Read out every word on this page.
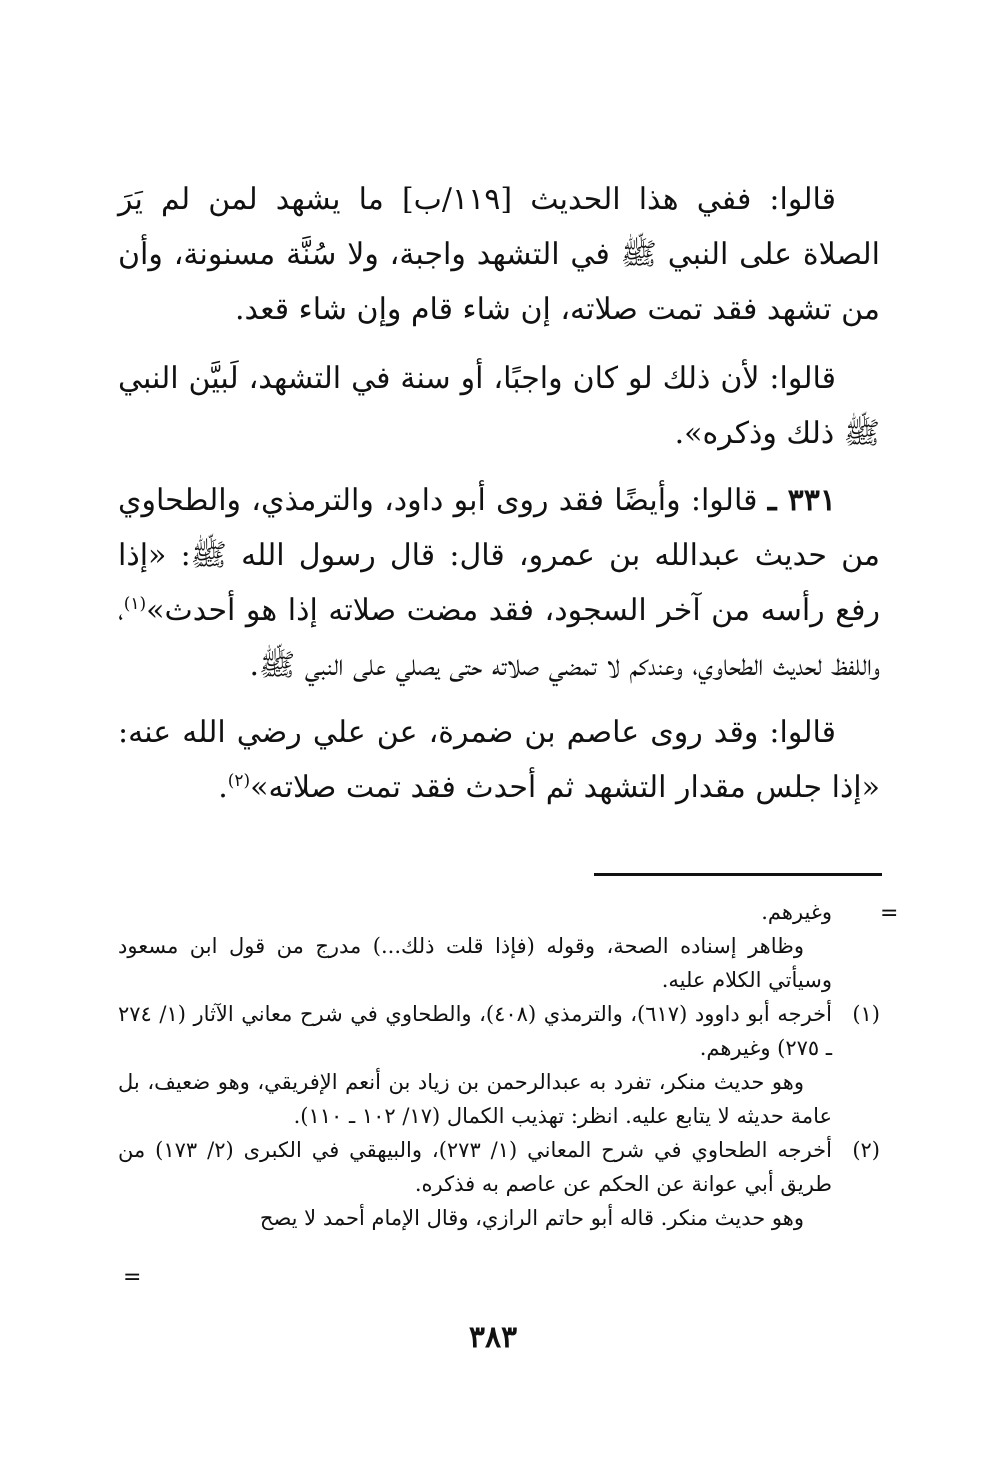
قالوا: ففي هذا الحديث [١١٩/ب] ما يشهد لمن لم يَرَ الصلاة على النبي ﷺ في التشهد واجبة، ولا سُنَّة مسنونة، وأن من تشهد فقد تمت صلاته، إن شاء قام وإن شاء قعد.

قالوا: لأن ذلك لو كان واجبًا، أو سنة في التشهد، لَبيَّن النبي ﷺ ذلك وذكره».

٣٣١ ـ قالوا: وأيضًا فقد روى أبو داود، والترمذي، والطحاوي من حديث عبدالله بن عمرو، قال: قال رسول الله ﷺ: «إذا رفع رأسه من آخر السجود، فقد مضت صلاته إذا هو أحدث»$^{(١)}$، واللفظ لحديث الطحاوي، وعندكم لا تمضي صلاته حتى يصلي على النبي ﷺ.

قالوا: وقد روى عاصم بن ضمرة، عن علي رضي الله عنه: «إذا جلس مقدار التشهد ثم أحدث فقد تمت صلاته»$^{(٢)}$.

=

وغيرهم.

وظاهر إسناده الصحة، وقوله (فإذا قلت ذلك...) مدرج من قول ابن مسعود وسيأتي الكلام عليه.

(١)

أخرجه أبو داوود (٦١٧)، والترمذي (٤٠٨)، والطحاوي في شرح معاني الآثار (١/ ٢٧٤ ـ ٢٧٥) وغيرهم.

وهو حديث منكر، تفرد به عبدالرحمن بن زياد بن أنعم الإفريقي، وهو ضعيف، بل عامة حديثه لا يتابع عليه. انظر: تهذيب الكمال (١٧/ ١٠٢ ـ ١١٠).

(٢)

أخرجه الطحاوي في شرح المعاني (١/ ٢٧٣)، والبيهقي في الكبرى (٢/ ١٧٣) من طريق أبي عوانة عن الحكم عن عاصم به فذكره.

وهو حديث منكر. قاله أبو حاتم الرازي، وقال الإمام أحمد لا يصح

=
٣٨٣
